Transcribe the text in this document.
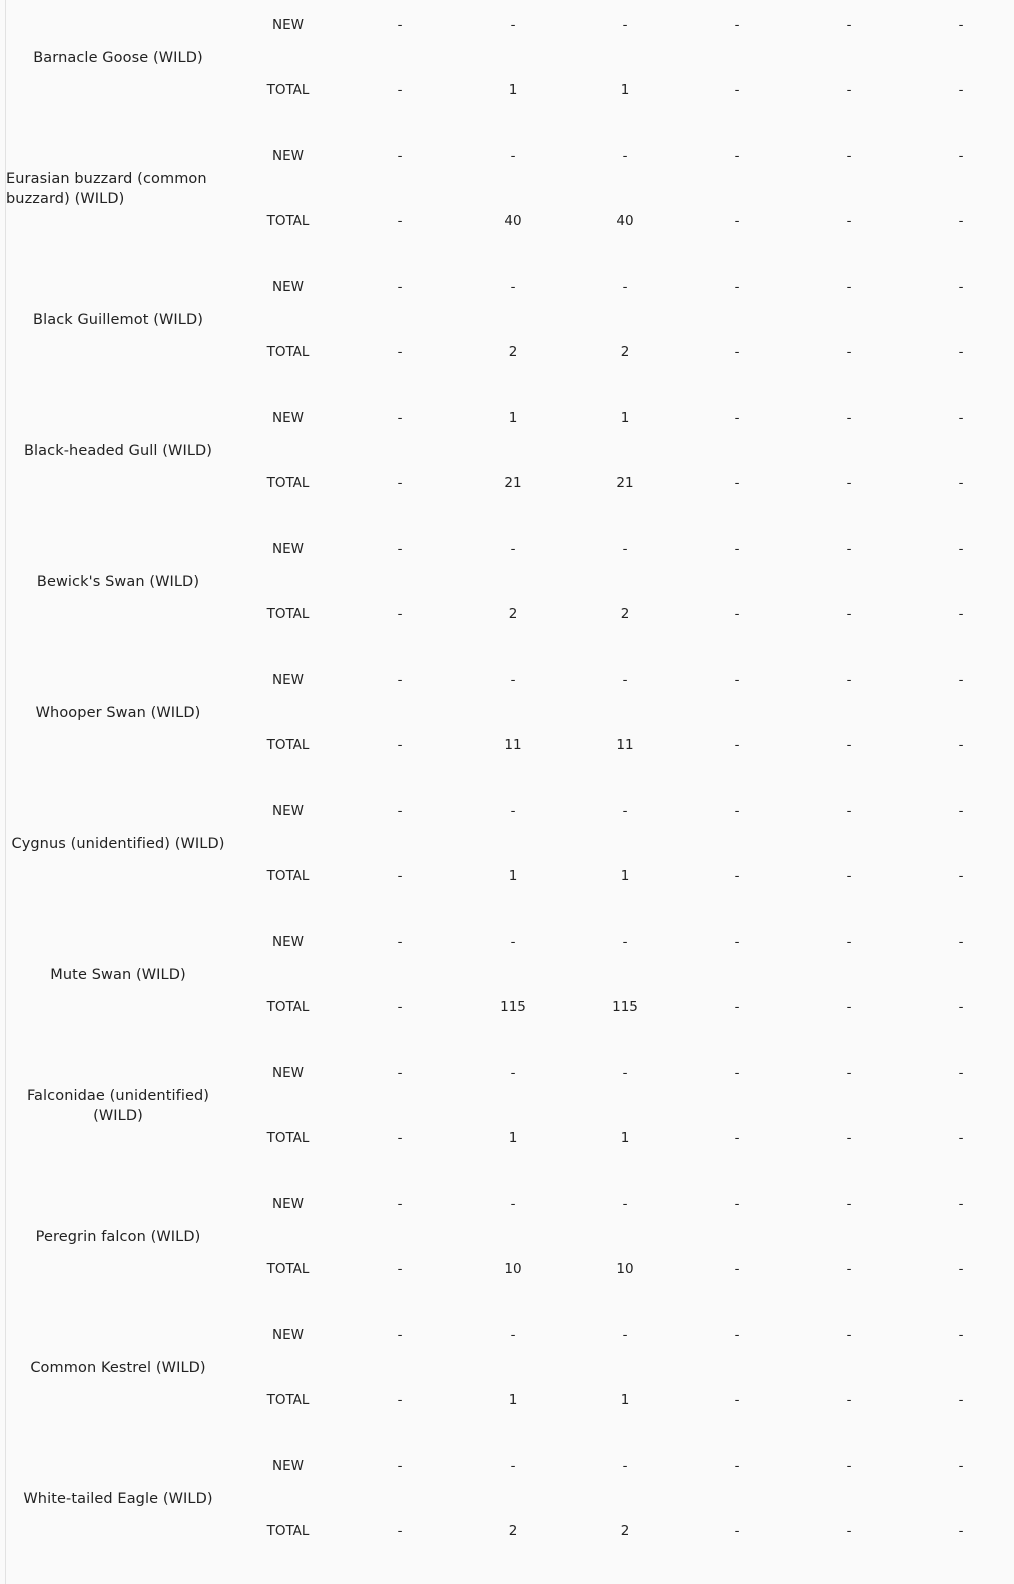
Barnacle Goose (WILD)
NEW	-	-	-	-	-	-
TOTAL	-	1	1	-	-	-
Eurasian buzzard (common buzzard) (WILD)
NEW	-	-	-	-	-	-
TOTAL	-	40	40	-	-	-
Black Guillemot (WILD)
NEW	-	-	-	-	-	-
TOTAL	-	2	2	-	-	-
Black-headed Gull (WILD)
NEW	-	1	1	-	-	-
TOTAL	-	21	21	-	-	-
Bewick's Swan (WILD)
NEW	-	-	-	-	-	-
TOTAL	-	2	2	-	-	-
Whooper Swan (WILD)
NEW	-	-	-	-	-	-
TOTAL	-	11	11	-	-	-
Cygnus (unidentified) (WILD)
NEW	-	-	-	-	-	-
TOTAL	-	1	1	-	-	-
Mute Swan (WILD)
NEW	-	-	-	-	-	-
TOTAL	-	115	115	-	-	-
Falconidae (unidentified) (WILD)
NEW	-	-	-	-	-	-
TOTAL	-	1	1	-	-	-
Peregrin falcon (WILD)
NEW	-	-	-	-	-	-
TOTAL	-	10	10	-	-	-
Common Kestrel (WILD)
NEW	-	-	-	-	-	-
TOTAL	-	1	1	-	-	-
White-tailed Eagle (WILD)
NEW	-	-	-	-	-	-
TOTAL	-	2	2	-	-	-
